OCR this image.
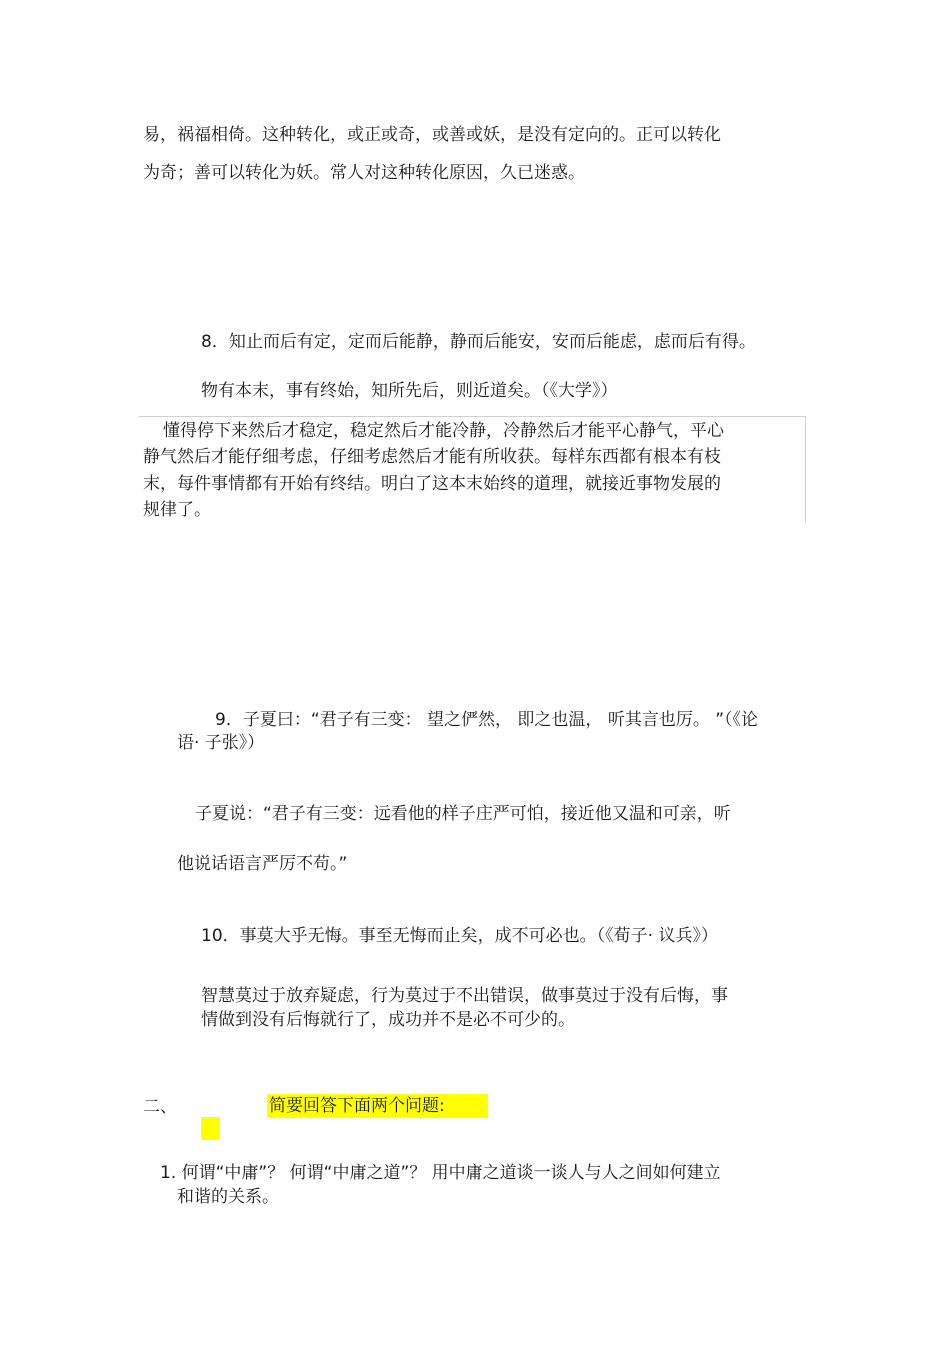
易，祸福相倚。这种转化，或正或奇，或善或妖，是没有定向的。正可以转化
为奇；善可以转化为妖。常人对这种转化原因，久已迷惑。
8．知止而后有定，定而后能静，静而后能安，安而后能虑，虑而后有得。
物有本末，事有终始，知所先后，则近道矣。（《大学》）
懂得停下来然后才稳定，稳定然后才能冷静，冷静然后才能平心静气，平心
静气然后才能仔细考虑，仔细考虑然后才能有所收获。每样东西都有根本有枝
末，每件事情都有开始有终结。明白了这本末始终的道理，就接近事物发展的
规律了。
9．子夏曰：“君子有三变： 望之俨然， 即之也温， 听其言也厉。 ”（《论
语· 子张》）
子夏说：“君子有三变：远看他的样子庄严可怕，接近他又温和可亲，听
他说话语言严厉不苟。”
10．事莫大乎无悔。事至无悔而止矣，成不可必也。（《荀子· 议兵》）
智慧莫过于放弃疑虑，行为莫过于不出错误，做事莫过于没有后悔，事
情做到没有后悔就行了，成功并不是必不可少的。
二、	简要回答下面两个问题:
1. 何谓“中庸”？ 何谓“中庸之道”？ 用中庸之道谈一谈人与人之间如何建立
和谐的关系。
